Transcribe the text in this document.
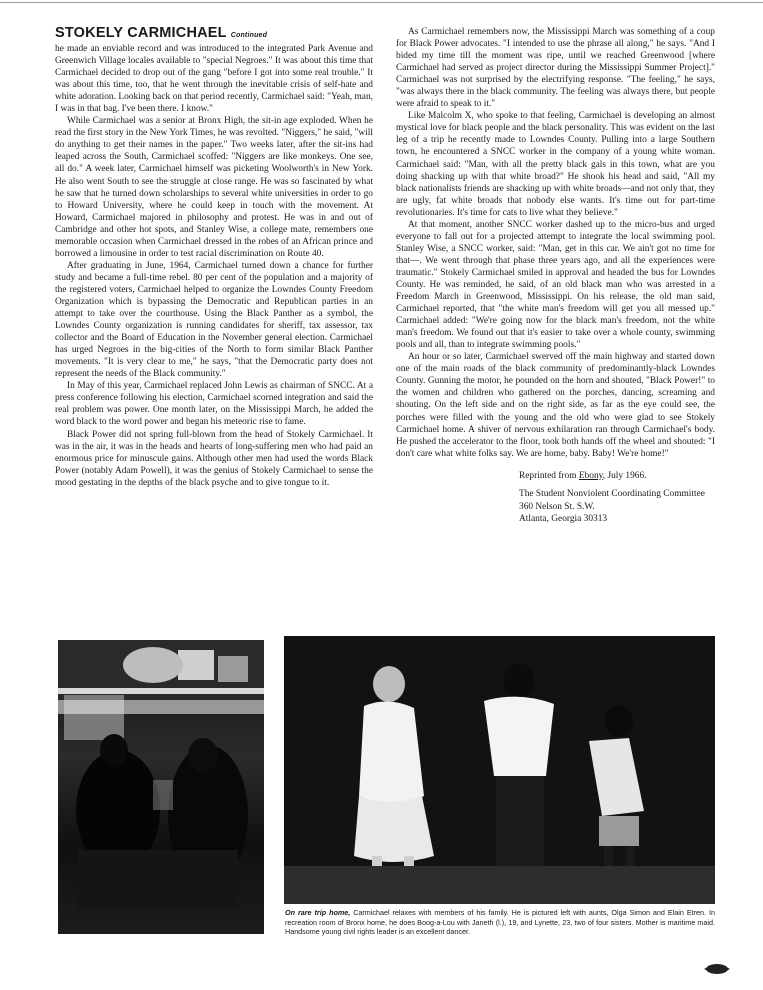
STOKELY CARMICHAEL Continued

he made an enviable record and was introduced to the integrated Park Avenue and Greenwich Village locales available to "special Negroes." It was about this time that Carmichael decided to drop out of the gang "before I got into some real trouble." It was about this time, too, that he went through the inevitable crisis of self-hate and white adoration. Looking back on that period recently, Carmichael said: "Yeah, man, I was in that bag. I've been there. I know."

While Carmichael was a senior at Bronx High, the sit-in age exploded. When he read the first story in the New York Times, he was revolted. "Niggers," he said, "will do anything to get their names in the paper." Two weeks later, after the sit-ins had leaped across the South, Carmichael scoffed: "Niggers are like monkeys. One see, all do." A week later, Carmichael himself was picketing Woolworth's in New York. He also went South to see the struggle at close range. He was so fascinated by what he saw that he turned down scholarships to several white universities in order to go to Howard University, where he could keep in touch with the movement. At Howard, Carmichael majored in philosophy and protest. He was in and out of Cambridge and other hot spots, and Stanley Wise, a college mate, remembers one memorable occasion when Carmichael dressed in the robes of an African prince and borrowed a limousine in order to test racial discrimination on Route 40.

After graduating in June, 1964, Carmichael turned down a chance for further study and became a full-time rebel. 80 per cent of the population and a majority of the registered voters, Carmichael helped to organize the Lowndes County Freedom Organization which is bypassing the Democratic and Republican parties in an attempt to take over the courthouse. Using the Black Panther as a symbol, the Lowndes County organization is running candidates for sheriff, tax assessor, tax collector and the Board of Education in the November general election. Carmichael has urged Negroes in the big-cities of the North to form similar Black Panther movements. "It is very clear to me," he says, "that the Democratic party does not represent the needs of the Black community."

In May of this year, Carmichael replaced John Lewis as chairman of SNCC. At a press conference following his election, Carmichael scorned integration and said the real problem was power. One month later, on the Mississippi March, he added the word black to the word power and began his meteoric rise to fame.

Black Power did not spring full-blown from the head of Stokely Carmichael. It was in the air, it was in the heads and hearts of long-suffering men who had paid an enormous price for minuscule gains. Although other men had used the words Black Power (notably Adam Powell), it was the genius of Stokely Carmichael to sense the mood gestating in the depths of the black psyche and to give tongue to it.

As Carmichael remembers now, the Mississippi March was something of a coup for Black Power advocates. "I intended to use the phrase all along," he says. "And I bided my time till the moment was ripe, until we reached Greenwood [where Carmichael had served as project director during the Mississippi Summer Project]." Carmichael was not surprised by the electrifying response. "The feeling," he says, "was always there in the black community. The feeling was always there, but people were afraid to speak to it."

Like Malcolm X, who spoke to that feeling, Carmichael is developing an almost mystical love for black people and the black personality. This was evident on the last leg of a trip he recently made to Lowndes County. Pulling into a large Southern town, he encountered a SNCC worker in the company of a young white woman. Carmichael said: "Man, with all the pretty black gals in this town, what are you doing shacking up with that white broad?" He shook his head and said, "All my black nationalists friends are shacking up with white broads—and not only that, they are ugly, fat white broads that nobody else wants. It's time out for part-time revolutionaries. It's time for cats to live what they believe."

At that moment, another SNCC worker dashed up to the micro-bus and urged everyone to fall out for a projected attempt to integrate the local swimming pool. Stanley Wise, a SNCC worker, said: "Man, get in this car. We ain't got no time for that—. We went through that phase three years ago, and all the experiences were traumatic." Stokely Carmichael smiled in approval and headed the bus for Lowndes County. He was reminded, he said, of an old black man who was arrested in a Freedom March in Greenwood, Mississippi. On his release, the old man said, Carmichael reported, that "the white man's freedom will get you all messed up." Carmichael added: "We're going now for the black man's freedom, not the white man's freedom. We found out that it's easier to take over a whole county, swimming pools and all, than to integrate swimming pools."

An hour or so later, Carmichael swerved off the main highway and started down one of the main roads of the black community of predominantly-black Lowndes County. Gunning the motor, he pounded on the horn and shouted, "Black Power!" to the women and children who gathered on the porches, dancing, screaming and shouting. On the left side and on the right side, as far as the eye could see, the porches were filled with the young and the old who were glad to see Stokely Carmichael home. A shiver of nervous exhilaration ran through Carmichael's body. He pushed the accelerator to the floor, took both hands off the wheel and shouted: "I don't care what white folks say. We are home, baby. Baby! We're home!"

Reprinted from Ebony, July 1966.
The Student Nonviolent Coordinating Committee
360 Nelson St. S.W.
Atlanta, Georgia 30313
On rare trip home, Carmichael relaxes with members of his family. He is pictured left with aunts, Olga Simon and Elain Etren. In recreation room of Bronx home, he does Boog-a-Lou with Janeth (l.), 19, and Lynette, 23, two of four sisters. Mother is maritime maid. Handsome young civil rights leader is an excellent dancer.
